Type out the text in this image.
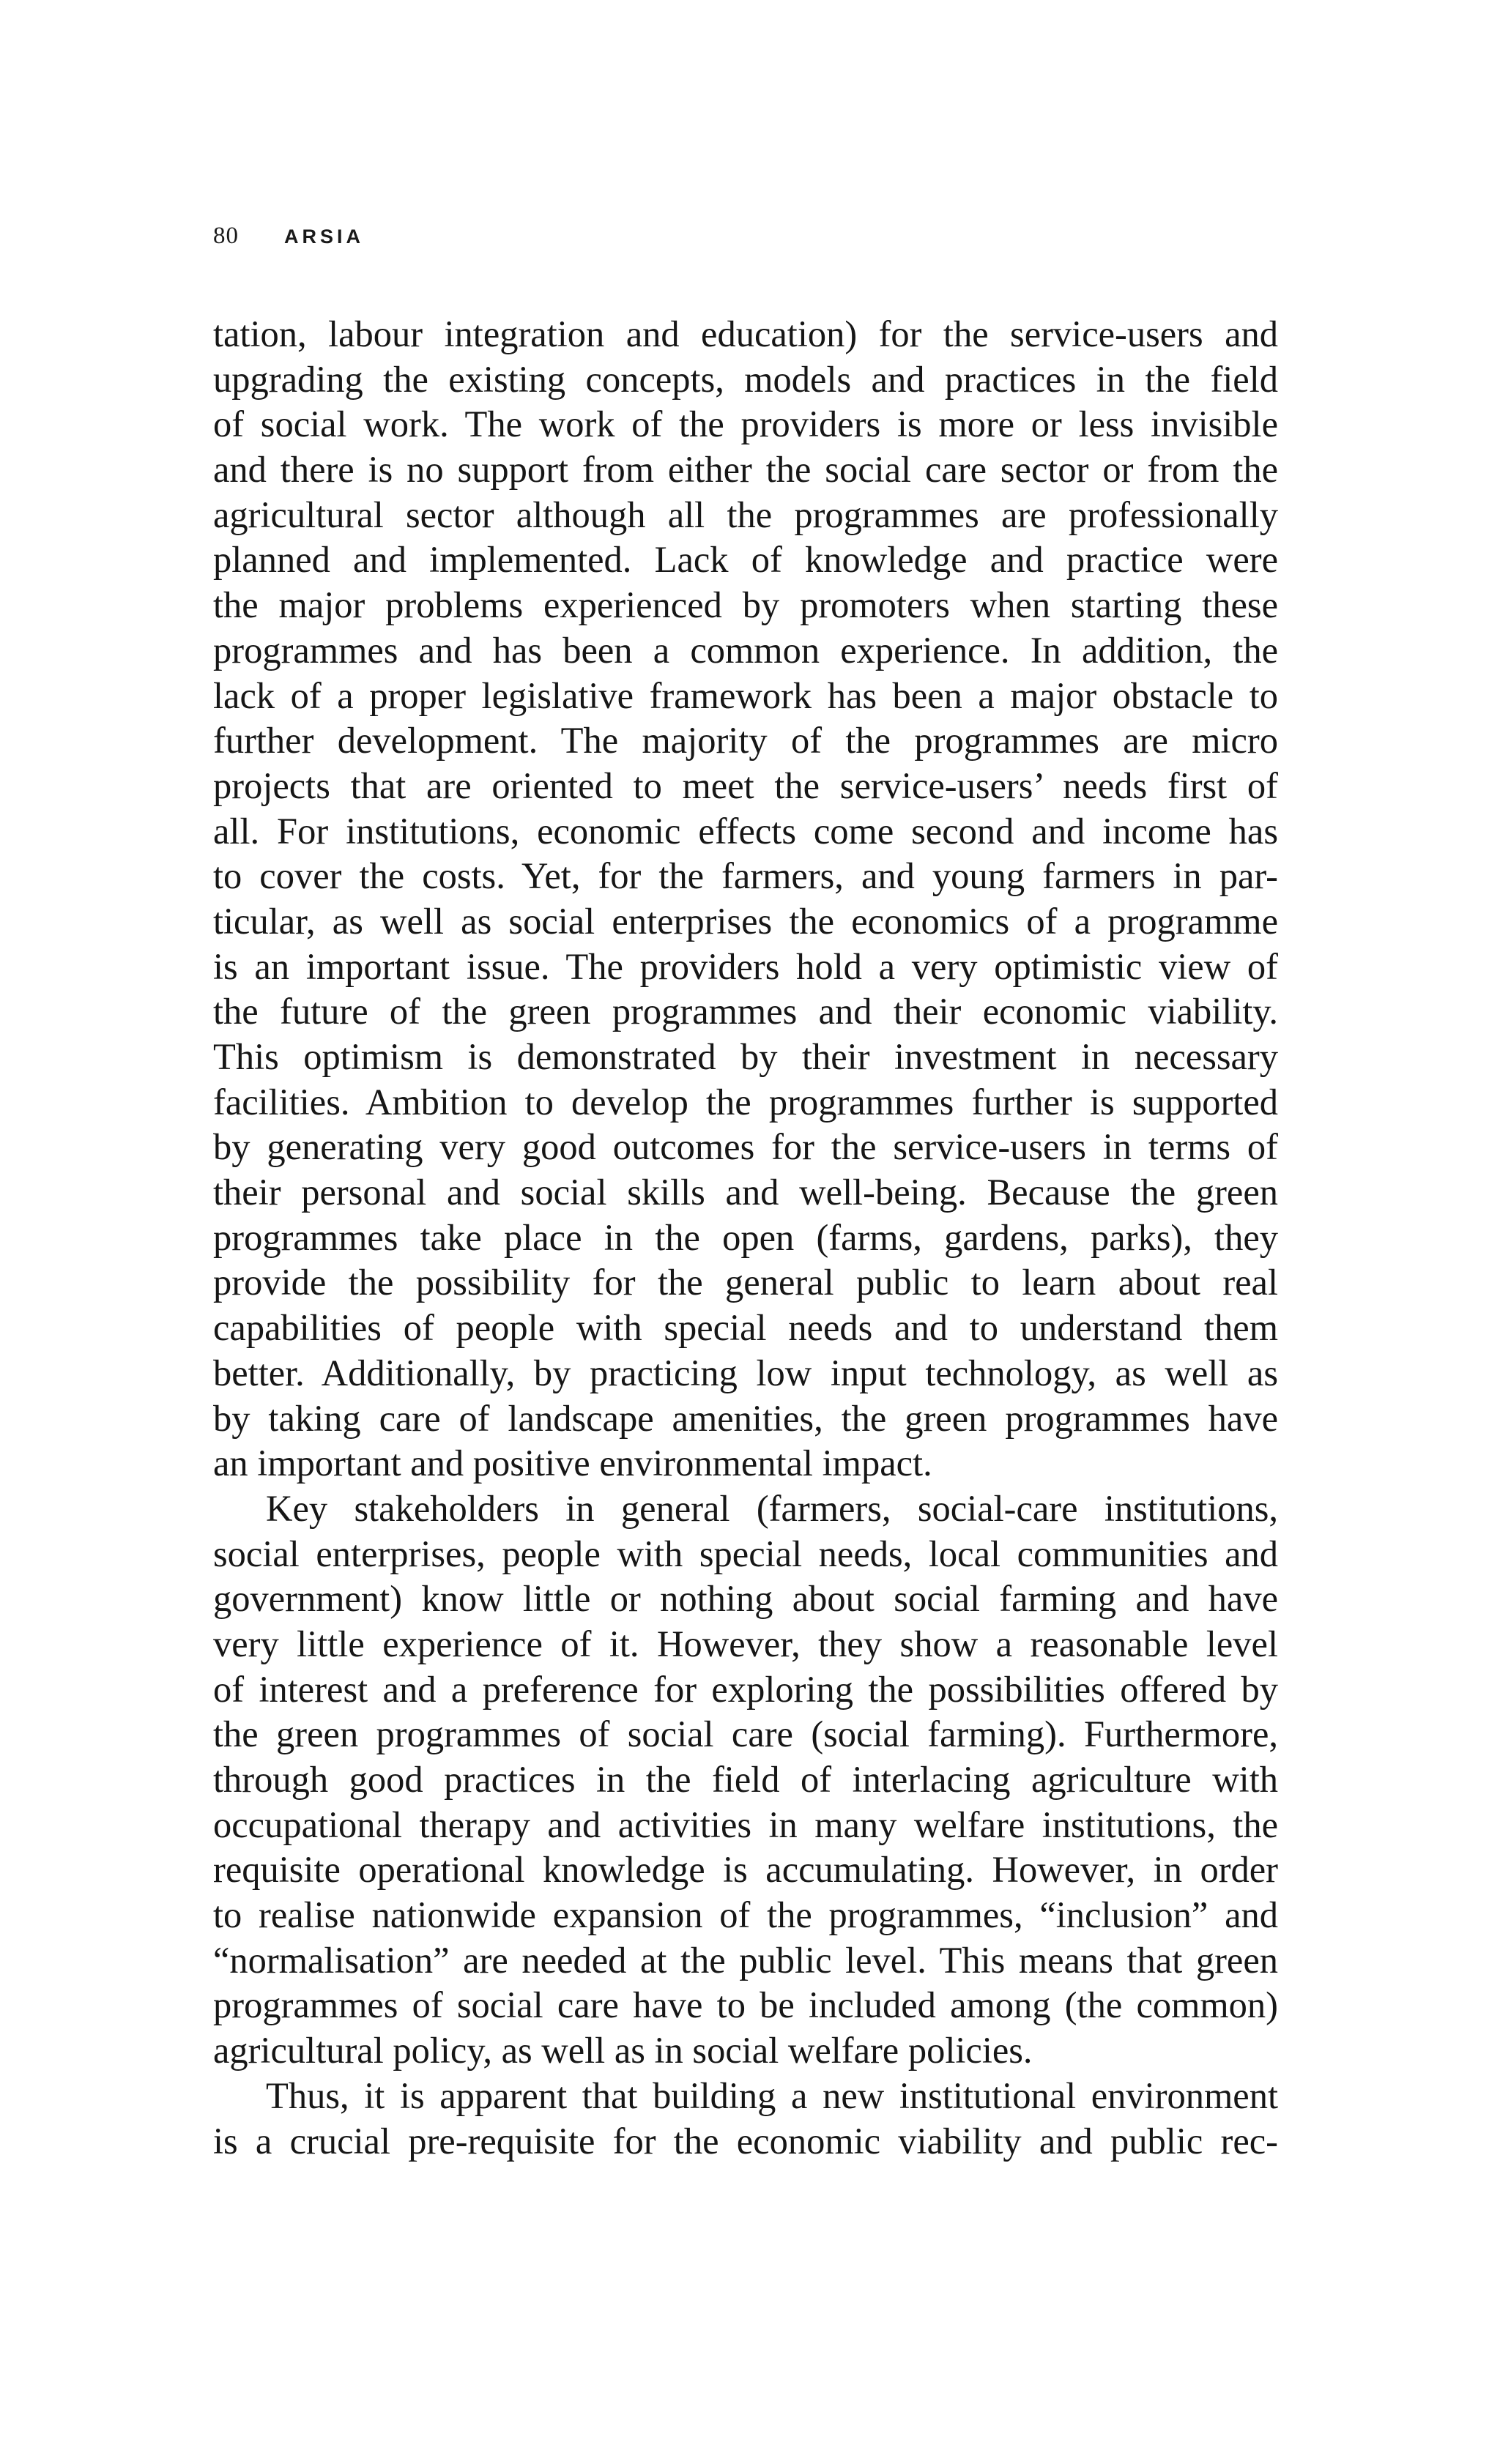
80 ARSIA

tation, labour integration and education) for the service-users and
upgrading the existing concepts, models and practices in the field
of social work. The work of the providers is more or less invisible
and there is no support from either the social care sector or from the
agricultural sector although all the programmes are professionally
planned and implemented. Lack of knowledge and practice were
the major problems experienced by promoters when starting these
programmes and has been a common experience. In addition, the
lack of a proper legislative framework has been a major obstacle to
further development. The majority of the programmes are micro
projects that are oriented to meet the service-users’ needs first of
all. For institutions, economic effects come second and income has
to cover the costs. Yet, for the farmers, and young farmers in par-
ticular, as well as social enterprises the economics of a programme
is an important issue. The providers hold a very optimistic view of
the future of the green programmes and their economic viability.
This optimism is demonstrated by their investment in necessary
facilities. Ambition to develop the programmes further is supported
by generating very good outcomes for the service-users in terms of
their personal and social skills and well-being. Because the green
programmes take place in the open (farms, gardens, parks), they
provide the possibility for the general public to learn about real
capabilities of people with special needs and to understand them
better. Additionally, by practicing low input technology, as well as
by taking care of landscape amenities, the green programmes have
an important and positive environmental impact.

Key stakeholders in general (farmers, social-care institutions,
social enterprises, people with special needs, local communities and
government) know little or nothing about social farming and have
very little experience of it. However, they show a reasonable level
of interest and a preference for exploring the possibilities offered by
the green programmes of social care (social farming). Furthermore,
through good practices in the field of interlacing agriculture with
occupational therapy and activities in many welfare institutions, the
requisite operational knowledge is accumulating. However, in order
to realise nationwide expansion of the programmes, “inclusion” and
“normalisation” are needed at the public level. This means that green
programmes of social care have to be included among (the common)
agricultural policy, as well as in social welfare policies.

Thus, it is apparent that building a new institutional environment
is a crucial pre-requisite for the economic viability and public rec-
